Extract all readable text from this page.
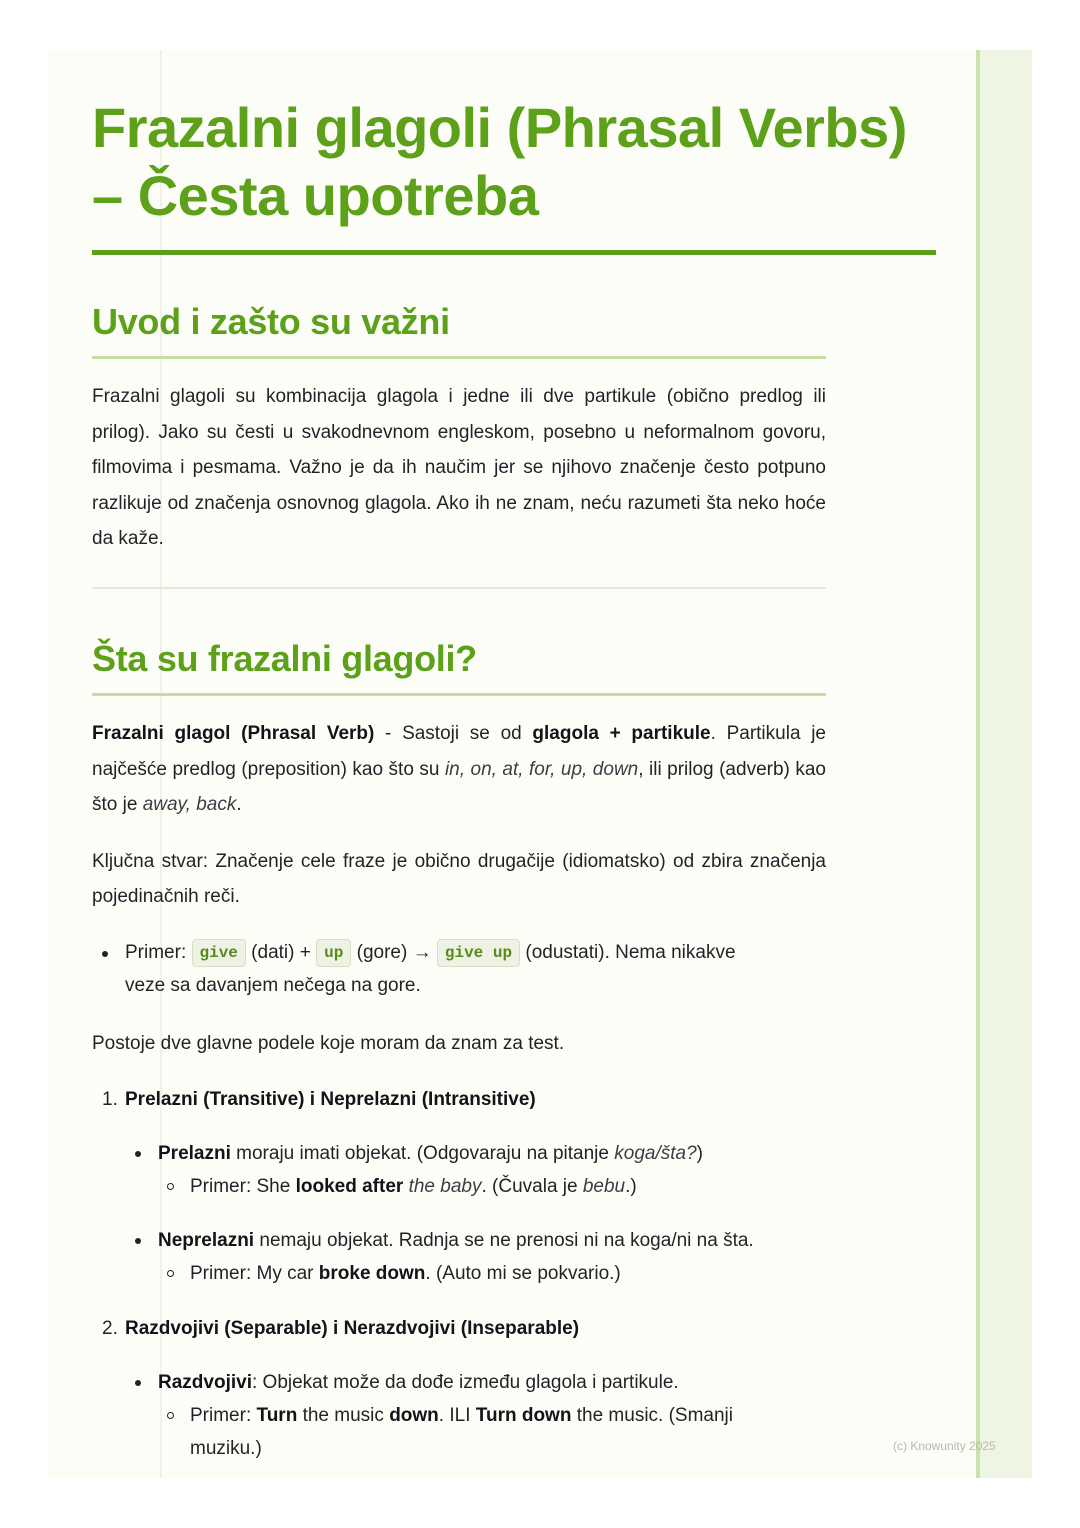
Frazalni glagoli (Phrasal Verbs) – Česta upotreba
Uvod i zašto su važni

Frazalni glagoli su kombinacija glagola i jedne ili dve partikule (obično predlog ili prilog). Jako su česti u svakodnevnom engleskom, posebno u neformalnom govoru, filmovima i pesmama. Važno je da ih naučim jer se njihovo značenje često potpuno razlikuje od značenja osnovnog glagola. Ako ih ne znam, neću razumeti šta neko hoće da kaže.

Šta su frazalni glagoli?

Frazalni glagol (Phrasal Verb) - Sastoji se od glagola + partikule. Partikula je najčešće predlog (preposition) kao što su in, on, at, for, up, down, ili prilog (adverb) kao što je away, back.

Ključna stvar: Značenje cele fraze je obično drugačije (idiomatsko) od zbira značenja pojedinačnih reči.

Primer: give (dati) + up (gore) → give up (odustati). Nema nikakve
veze sa davanjem nečega na gore.
Postoje dve glavne podele koje moram da znam za test.
1. Prelazni (Transitive) i Neprelazni (Intransitive)
Prelazni moraju imati objekat. (Odgovaraju na pitanje koga/šta?)
Primer: She looked after the baby. (Čuvala je bebu.)
Neprelazni nemaju objekat. Radnja se ne prenosi ni na koga/ni na šta.
Primer: My car broke down. (Auto mi se pokvario.)
2. Razdvojivi (Separable) i Nerazdvojivi (Inseparable)
Razdvojivi: Objekat može da dođe između glagola i partikule.
Primer: Turn the music down. ILI Turn down the music. (Smanji
muziku.)	(c) Knowunity 2025
